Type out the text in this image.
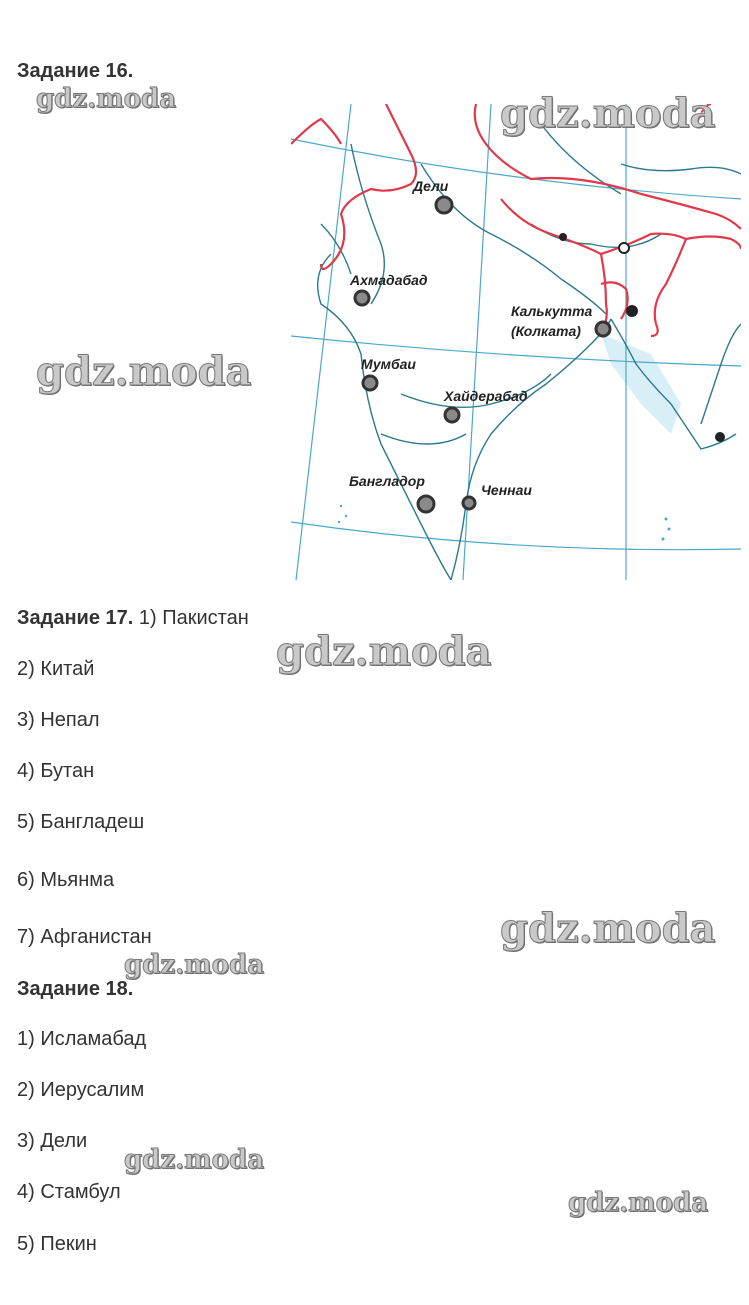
Задание 16.
Дели
Ахмадабад
Калькутта
(Колката)
Мумбаи
Хайдерабад
Бангладор
Ченнаи
Задание 17. 1) Пакистан
2) Китай
3) Непал
4) Бутан
5) Бангладеш
6) Мьянма
7) Афганистан
Задание 18.
1) Исламабад
2) Иерусалим
3) Дели
4) Стамбул
5) Пекин
gdz.moda	gdz.moda
gdz.moda
gdz.moda
gdz.moda
gdz.moda
gdz.moda
gdz.moda
